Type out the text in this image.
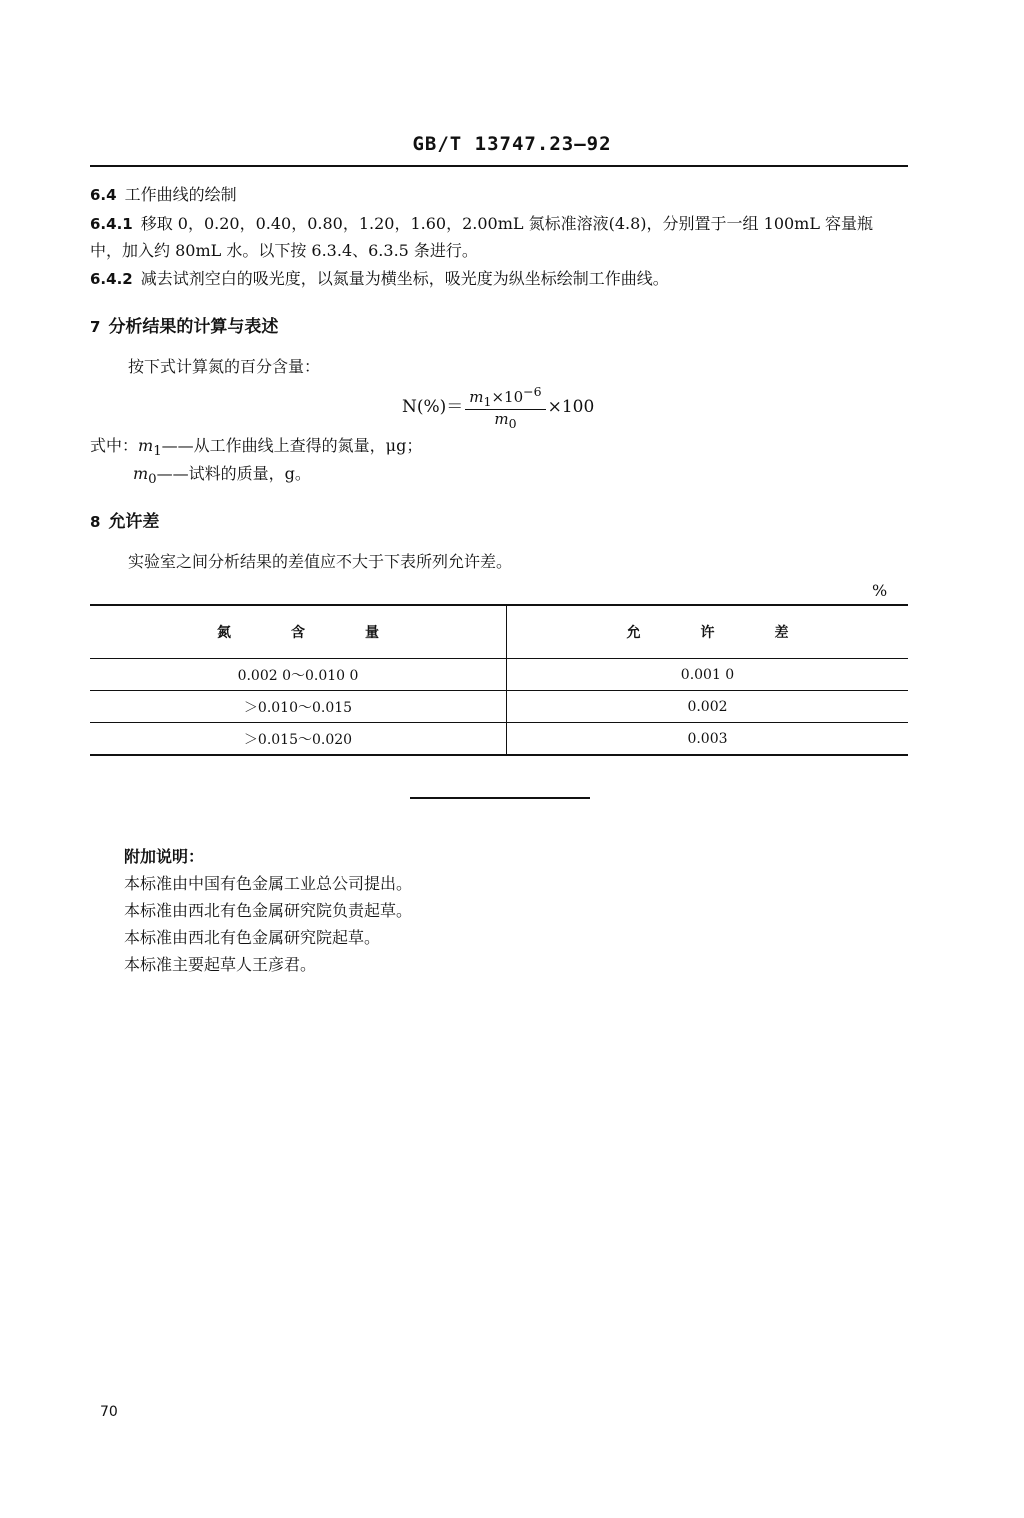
GB/T 13747.23—92
6.4 工作曲线的绘制
6.4.1 移取 0，0.20，0.40，0.80，1.20，1.60，2.00mL 氮标准溶液(4.8)，分别置于一组 100mL 容量瓶
中，加入约 80mL 水。以下按 6.3.4、6.3.5 条进行。
6.4.2 减去试剂空白的吸光度，以氮量为横坐标，吸光度为纵坐标绘制工作曲线。
7 分析结果的计算与表述
按下式计算氮的百分含量：
$N(\%)= \frac{m_1\times 10^{-6}}{m_0} \times 100$
式中：$m_1——$从工作曲线上查得的氮量，μg；
$m_0——$试料的质量，g。
8 允许差
实验室之间分析结果的差值应不大于下表所列允许差。
%
氮含量	允许差
0.002 0～0.010 0	0.001 0
＞0.010～0.015	0.002
＞0.015～0.020	0.003
附加说明：
本标准由中国有色金属工业总公司提出。
本标准由西北有色金属研究院负责起草。
本标准由西北有色金属研究院起草。
本标准主要起草人王彦君。
70
